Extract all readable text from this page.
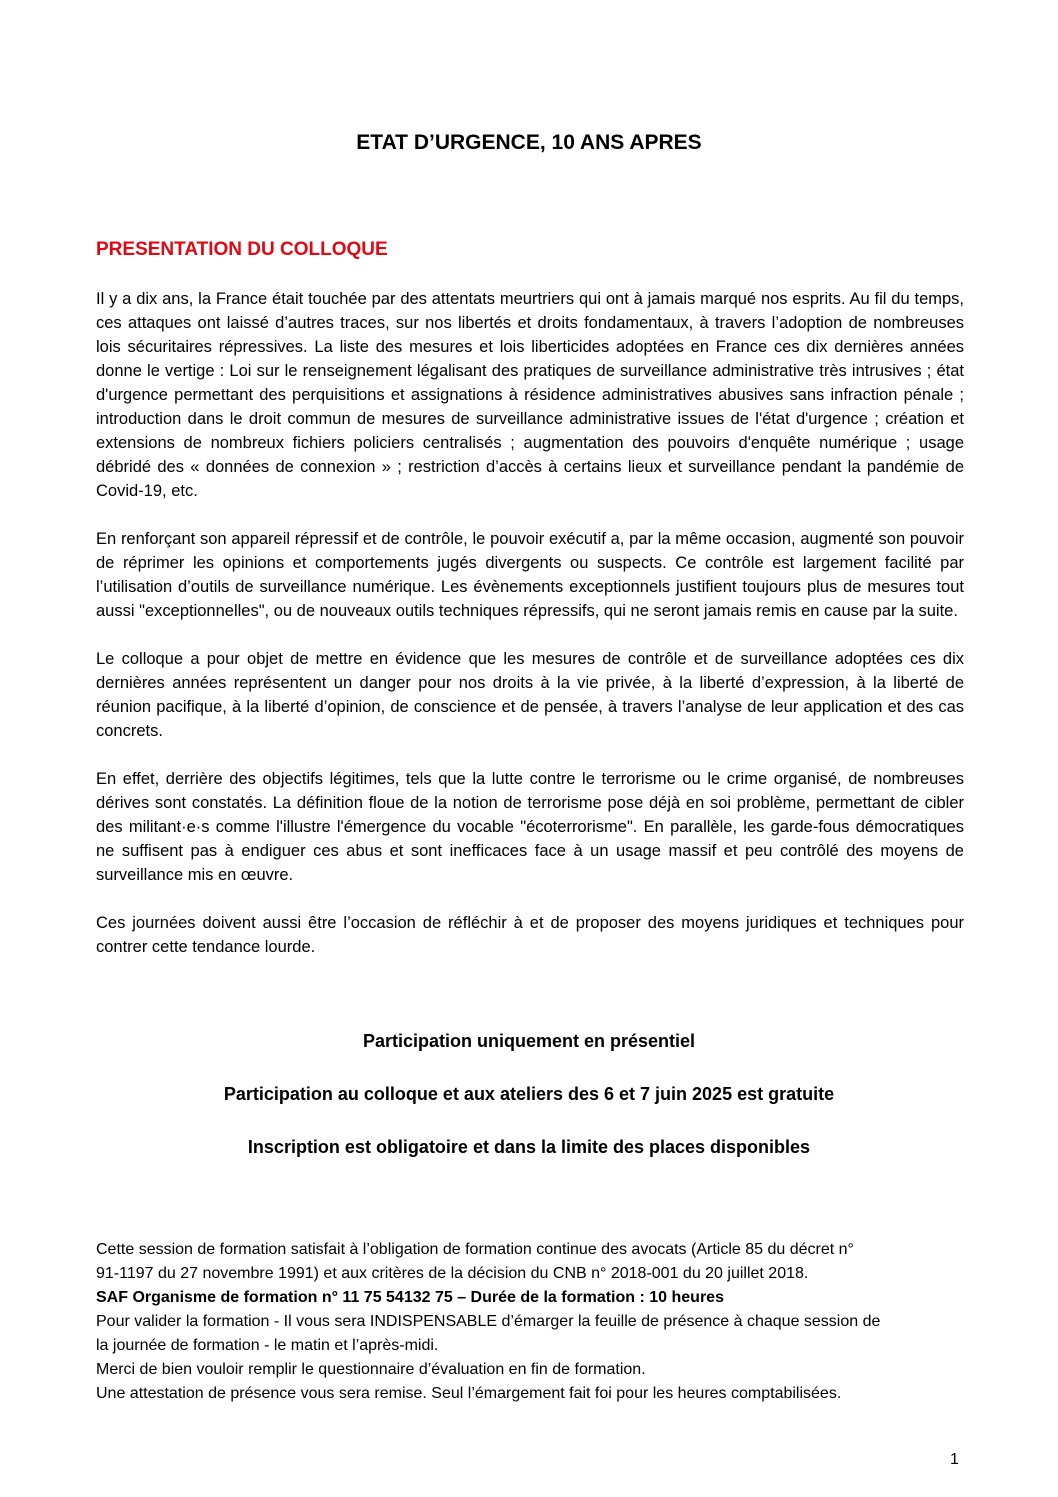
ETAT D’URGENCE, 10 ANS APRES
PRESENTATION DU COLLOQUE

Il y a dix ans, la France était touchée par des attentats meurtriers qui ont à jamais marqué nos esprits. Au fil du temps, ces attaques ont laissé d’autres traces, sur nos libertés et droits fondamentaux, à travers l’adoption de nombreuses lois sécuritaires répressives. La liste des mesures et lois liberticides adoptées en France ces dix dernières années donne le vertige : Loi sur le renseignement légalisant des pratiques de surveillance administrative très intrusives ; état d'urgence permettant des perquisitions et assignations à résidence administratives abusives sans infraction pénale ; introduction dans le droit commun de mesures de surveillance administrative issues de l'état d'urgence ; création et extensions de nombreux fichiers policiers centralisés ; augmentation des pouvoirs d'enquête numérique ; usage débridé des « données de connexion » ; restriction d’accès à certains lieux et surveillance pendant la pandémie de Covid-19, etc.

En renforçant son appareil répressif et de contrôle, le pouvoir exécutif a, par la même occasion, augmenté son pouvoir de réprimer les opinions et comportements jugés divergents ou suspects. Ce contrôle est largement facilité par l’utilisation d’outils de surveillance numérique. Les évènements exceptionnels justifient toujours plus de mesures tout aussi "exceptionnelles", ou de nouveaux outils techniques répressifs, qui ne seront jamais remis en cause par la suite.

Le colloque a pour objet de mettre en évidence que les mesures de contrôle et de surveillance adoptées ces dix dernières années représentent un danger pour nos droits à la vie privée, à la liberté d’expression, à la liberté de réunion pacifique, à la liberté d’opinion, de conscience et de pensée, à travers l’analyse de leur application et des cas concrets.

En effet, derrière des objectifs légitimes, tels que la lutte contre le terrorisme ou le crime organisé, de nombreuses dérives sont constatés. La définition floue de la notion de terrorisme pose déjà en soi problème, permettant de cibler des militant·e·s comme l'illustre l'émergence du vocable "écoterrorisme". En parallèle, les garde-fous démocratiques ne suffisent pas à endiguer ces abus et sont inefficaces face à un usage massif et peu contrôlé des moyens de surveillance mis en œuvre.

Ces journées doivent aussi être l’occasion de réfléchir à et de proposer des moyens juridiques et techniques pour contrer cette tendance lourde.

Participation uniquement en présentiel

Participation au colloque et aux ateliers des 6 et 7 juin 2025 est gratuite

Inscription est obligatoire et dans la limite des places disponibles

Cette session de formation satisfait à l’obligation de formation continue des avocats (Article 85 du décret n°

91-1197 du 27 novembre 1991) et aux critères de la décision du CNB n° 2018-001 du 20 juillet 2018.

SAF Organisme de formation n° 11 75 54132 75 – Durée de la formation : 10 heures

Pour valider la formation - Il vous sera INDISPENSABLE d’émarger la feuille de présence à chaque session de

la journée de formation - le matin et l’après-midi.

Merci de bien vouloir remplir le questionnaire d’évaluation en fin de formation.

Une attestation de présence vous sera remise. Seul l’émargement fait foi pour les heures comptabilisées.

1
